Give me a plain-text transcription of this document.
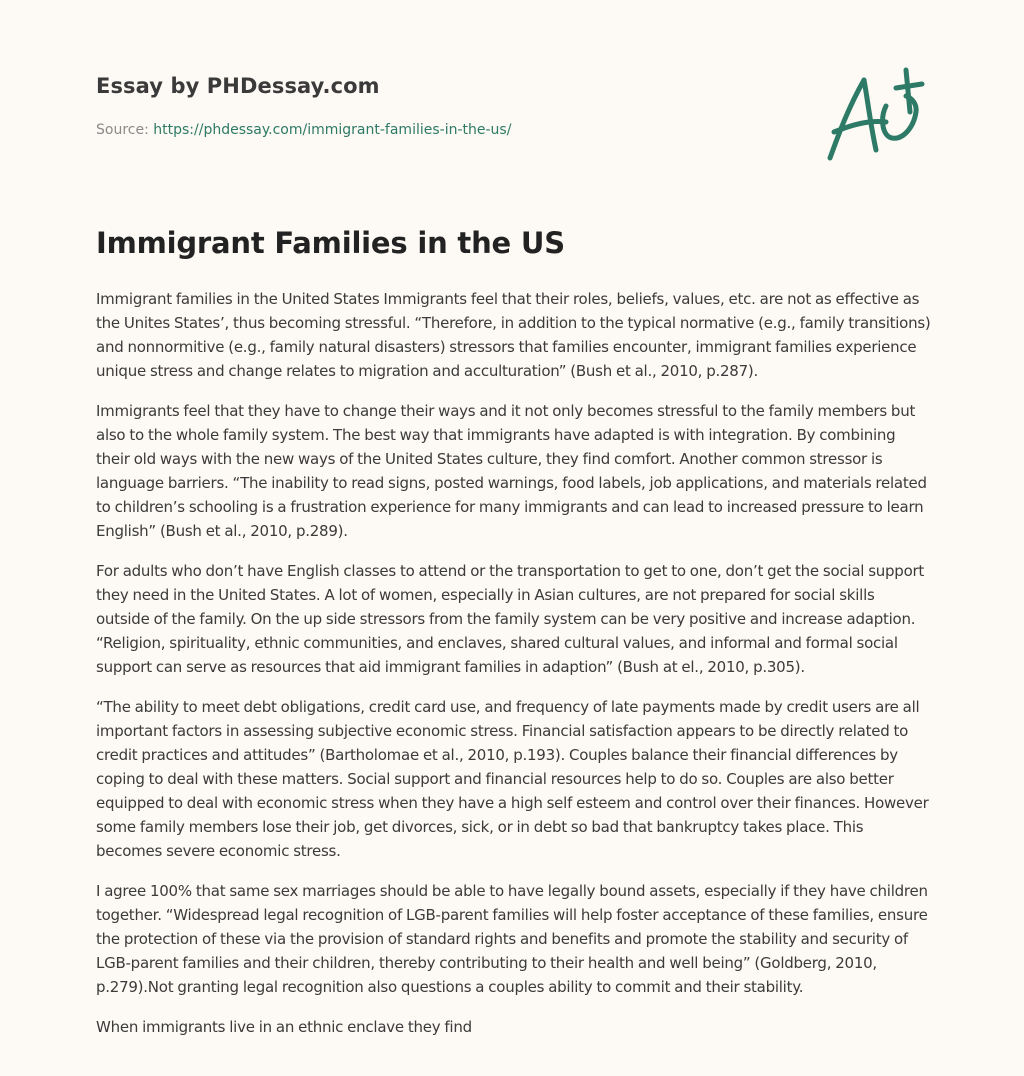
Essay by PHDessay.com
Source: https://phdessay.com/immigrant-families-in-the-us/
Immigrant Families in the US

Immigrant families in the United States Immigrants feel that their roles, beliefs, values, etc. are not as effective as the Unites States’, thus becoming stressful. “Therefore, in addition to the typical normative (e.g., family transitions) and nonnormitive (e.g., family natural disasters) stressors that families encounter, immigrant families experience unique stress and change relates to migration and acculturation” (Bush et al., 2010, p.287).

Immigrants feel that they have to change their ways and it not only becomes stressful to the family members but also to the whole family system. The best way that immigrants have adapted is with integration. By combining their old ways with the new ways of the United States culture, they find comfort. Another common stressor is language barriers. “The inability to read signs, posted warnings, food labels, job applications, and materials related to children’s schooling is a frustration experience for many immigrants and can lead to increased pressure to learn English” (Bush et al., 2010, p.289).

For adults who don’t have English classes to attend or the transportation to get to one, don’t get the social support they need in the United States. A lot of women, especially in Asian cultures, are not prepared for social skills outside of the family. On the up side stressors from the family system can be very positive and increase adaption. “Religion, spirituality, ethnic communities, and enclaves, shared cultural values, and informal and formal social support can serve as resources that aid immigrant families in adaption” (Bush at el., 2010, p.305).

“The ability to meet debt obligations, credit card use, and frequency of late payments made by credit users are all important factors in assessing subjective economic stress. Financial satisfaction appears to be directly related to credit practices and attitudes” (Bartholomae et al., 2010, p.193). Couples balance their financial differences by coping to deal with these matters. Social support and financial resources help to do so. Couples are also better equipped to deal with economic stress when they have a high self esteem and control over their finances. However some family members lose their job, get divorces, sick, or in debt so bad that bankruptcy takes place. This becomes severe economic stress.

I agree 100% that same sex marriages should be able to have legally bound assets, especially if they have children together. “Widespread legal recognition of LGB-parent families will help foster acceptance of these families, ensure the protection of these via the provision of standard rights and benefits and promote the stability and security of LGB-parent families and their children, thereby contributing to their health and well being” (Goldberg, 2010, p.279).Not granting legal recognition also questions a couples ability to commit and their stability.

When immigrants live in an ethnic enclave they find
